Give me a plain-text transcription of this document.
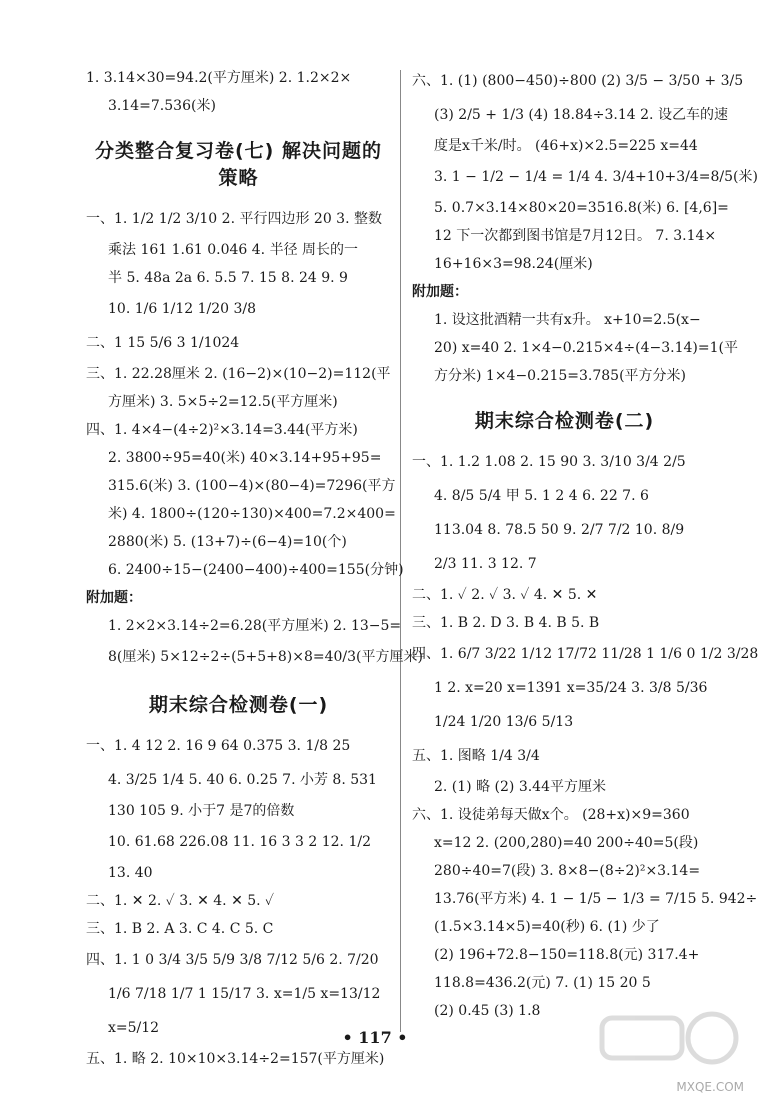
1. 3.14×30=94.2(平方厘米) 2. 1.2×2×
3.14=7.536(米)
分类整合复习卷(七) 解决问题的策略
一、1. 1/2 1/2 3/10 2. 平行四边形 20 3. 整数
乘法 161 1.61 0.046 4. 半径 周长的一
半 5. 48a 2a 6. 5.5 7. 15 8. 24 9. 9
10. 1/6 1/12 1/20 3/8
二、1 15 5/6 3 1/1024
三、1. 22.28厘米 2. (16−2)×(10−2)=112(平
方厘米) 3. 5×5÷2=12.5(平方厘米)
四、1. 4×4−(4÷2)²×3.14=3.44(平方米)
2. 3800÷95=40(米) 40×3.14+95+95=
315.6(米) 3. (100−4)×(80−4)=7296(平方
米) 4. 1800÷(120÷130)×400=7.2×400=
2880(米) 5. (13+7)÷(6−4)=10(个)
6. 2400÷15−(2400−400)÷400=155(分钟)
附加题：
1. 2×2×3.14÷2=6.28(平方厘米) 2. 13−5=
8(厘米) 5×12÷2÷(5+5+8)×8=40/3(平方厘米)
期末综合检测卷(一)
一、1. 4 12 2. 16 9 64 0.375 3. 1/8 25
4. 3/25 1/4 5. 40 6. 0.25 7. 小芳 8. 531
130 105 9. 小于7 是7的倍数
10. 61.68 226.08 11. 16 3 3 2 12. 1/2
13. 40
二、1. ✕ 2. ✓ 3. ✕ 4. ✕ 5. ✓
三、1. B 2. A 3. C 4. C 5. C
四、1. 1 0 3/4 3/5 5/9 3/8 7/12 5/6 2. 7/20
1/6 7/18 1/7 1 15/17 3. x=1/5 x=13/12
x=5/12
五、1. 略 2. 10×10×3.14÷2=157(平方厘米)
六、1. (1) (800−450)÷800 (2) 3/5 − 3/50 + 3/5
(3) 2/5 + 1/3 (4) 18.84÷3.14 2. 设乙车的速
度是x千米/时。 (46+x)×2.5=225 x=44
3. 1 − 1/2 − 1/4 = 1/4 4. 3/4+10+3/4=8/5(米)
5. 0.7×3.14×80×20=3516.8(米) 6. [4,6]=
12 下一次都到图书馆是7月12日。 7. 3.14×
16+16×3=98.24(厘米)
附加题：
1. 设这批酒精一共有x升。 x+10=2.5(x−
20) x=40 2. 1×4−0.215×4÷(4−3.14)=1(平
方分米) 1×4−0.215=3.785(平方分米)
期末综合检测卷(二)
一、1. 1.2 1.08 2. 15 90 3. 3/10 3/4 2/5
4. 8/5 5/4 甲 5. 1 2 4 6. 22 7. 6
113.04 8. 78.5 50 9. 2/7 7/2 10. 8/9
2/3 11. 3 12. 7
二、1. ✓ 2. ✓ 3. ✓ 4. ✕ 5. ✕
三、1. B 2. D 3. B 4. B 5. B
四、1. 6/7 3/22 1/12 17/72 11/28 1 1/6 0 1/2 3/28
1 2. x=20 x=1391 x=35/24 3. 3/8 5/36
1/24 1/20 13/6 5/13
五、1. 图略 1/4 3/4
2. (1) 略 (2) 3.44平方厘米
六、1. 设徒弟每天做x个。 (28+x)×9=360
x=12 2. (200,280)=40 200÷40=5(段)
280÷40=7(段) 3. 8×8−(8÷2)²×3.14=
13.76(平方米) 4. 1 − 1/5 − 1/3 = 7/15 5. 942÷
(1.5×3.14×5)=40(秒) 6. (1) 少了
(2) 196+72.8−150=118.8(元) 317.4+
118.8=436.2(元) 7. (1) 15 20 5
(2) 0.45 (3) 1.8
• 117 •
MXQE.COM
